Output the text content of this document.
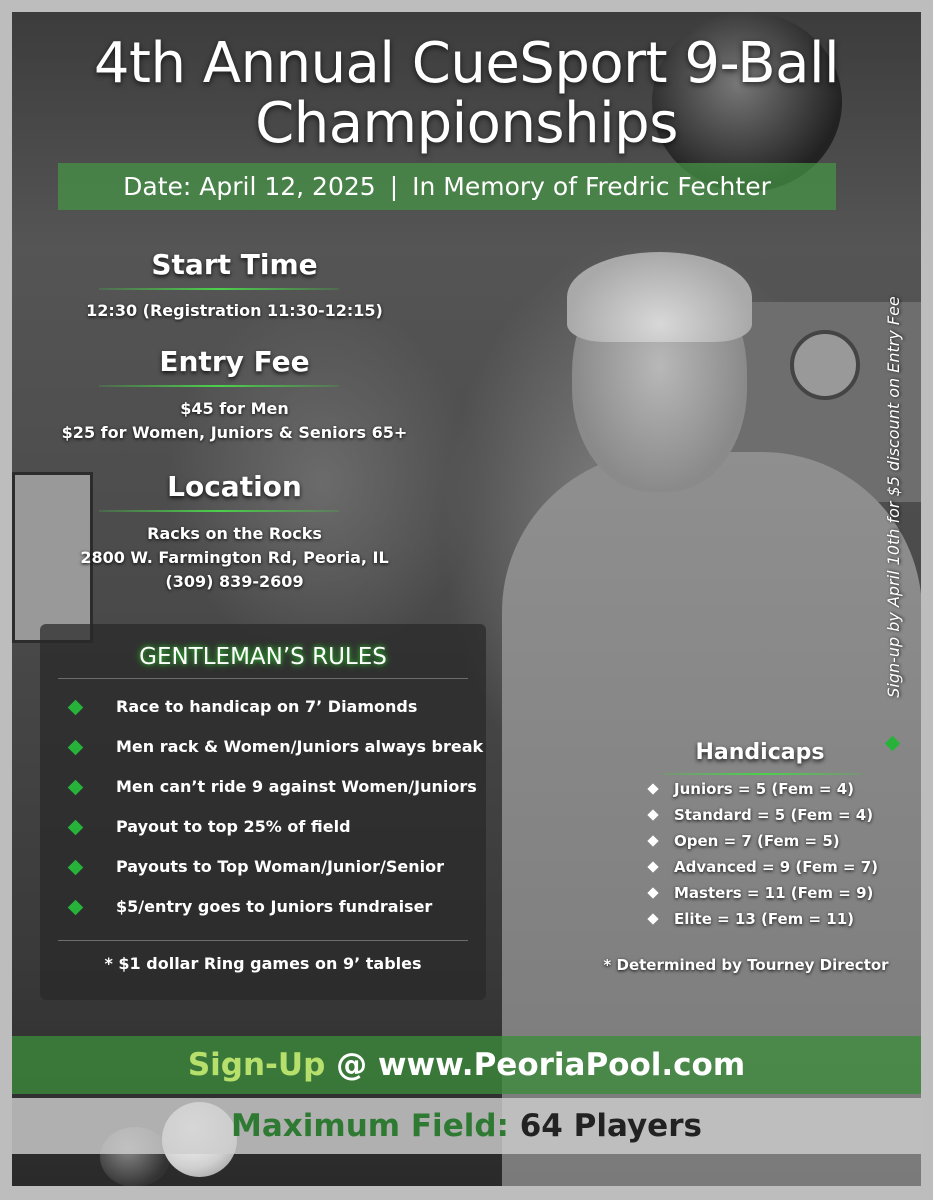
4th Annual CueSport 9-Ball
Championships
Date: April 12, 2025 | In Memory of Fredric Fechter
Start Time
12:30 (Registration 11:30-12:15)
Entry Fee
$45 for Men
$25 for Women, Juniors & Seniors 65+
Location
Racks on the Rocks
2800 W. Farmington Rd, Peoria, IL
(309) 839-2609
GENTLEMAN’S RULES
Race to handicap on 7’ Diamonds
Men rack & Women/Juniors always break
Men can’t ride 9 against Women/Juniors
Payout to top 25% of field
Payouts to Top Woman/Junior/Senior
$5/entry goes to Juniors fundraiser
* $1 dollar Ring games on 9’ tables
Handicaps
Juniors = 5 (Fem = 4)
Standard = 5 (Fem = 4)
Open = 7 (Fem = 5)
Advanced = 9 (Fem = 7)
Masters = 11 (Fem = 9)
Elite = 13 (Fem = 11)
* Determined by Tourney Director
Sign-up by April 10th for $5 discount on Entry Fee
Sign-Up @ www.PeoriaPool.com
Maximum Field: 64 Players
